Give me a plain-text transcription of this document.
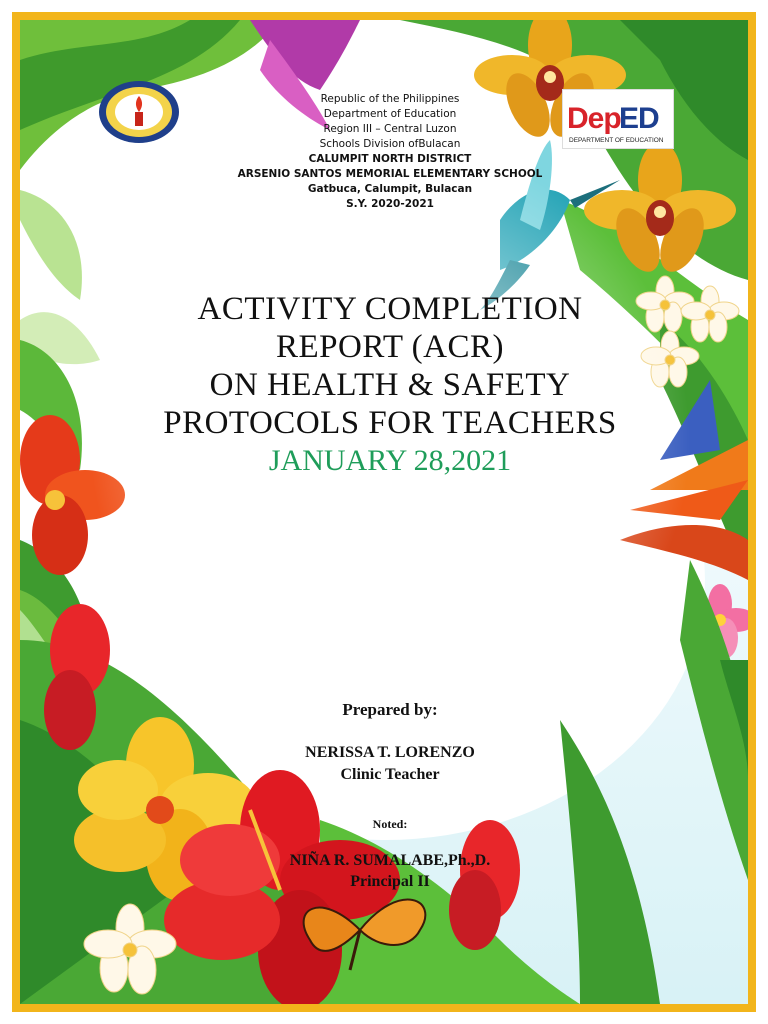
Dep
ED
DEPARTMENT OF EDUCATION
Republic of the Philippines
Department of Education
Region III – Central Luzon
Schools Division ofBulacan
CALUMPIT NORTH DISTRICT
ARSENIO SANTOS MEMORIAL ELEMENTARY SCHOOL
Gatbuca, Calumpit, Bulacan
S.Y. 2020-2021
ACTIVITY COMPLETION
REPORT (ACR)
ON HEALTH & SAFETY
PROTOCOLS FOR TEACHERS
JANUARY 28,2021
Prepared by:
NERISSA T. LORENZO
Clinic Teacher
Noted:
NIÑA R. SUMALABE,Ph.,D.
Principal II
